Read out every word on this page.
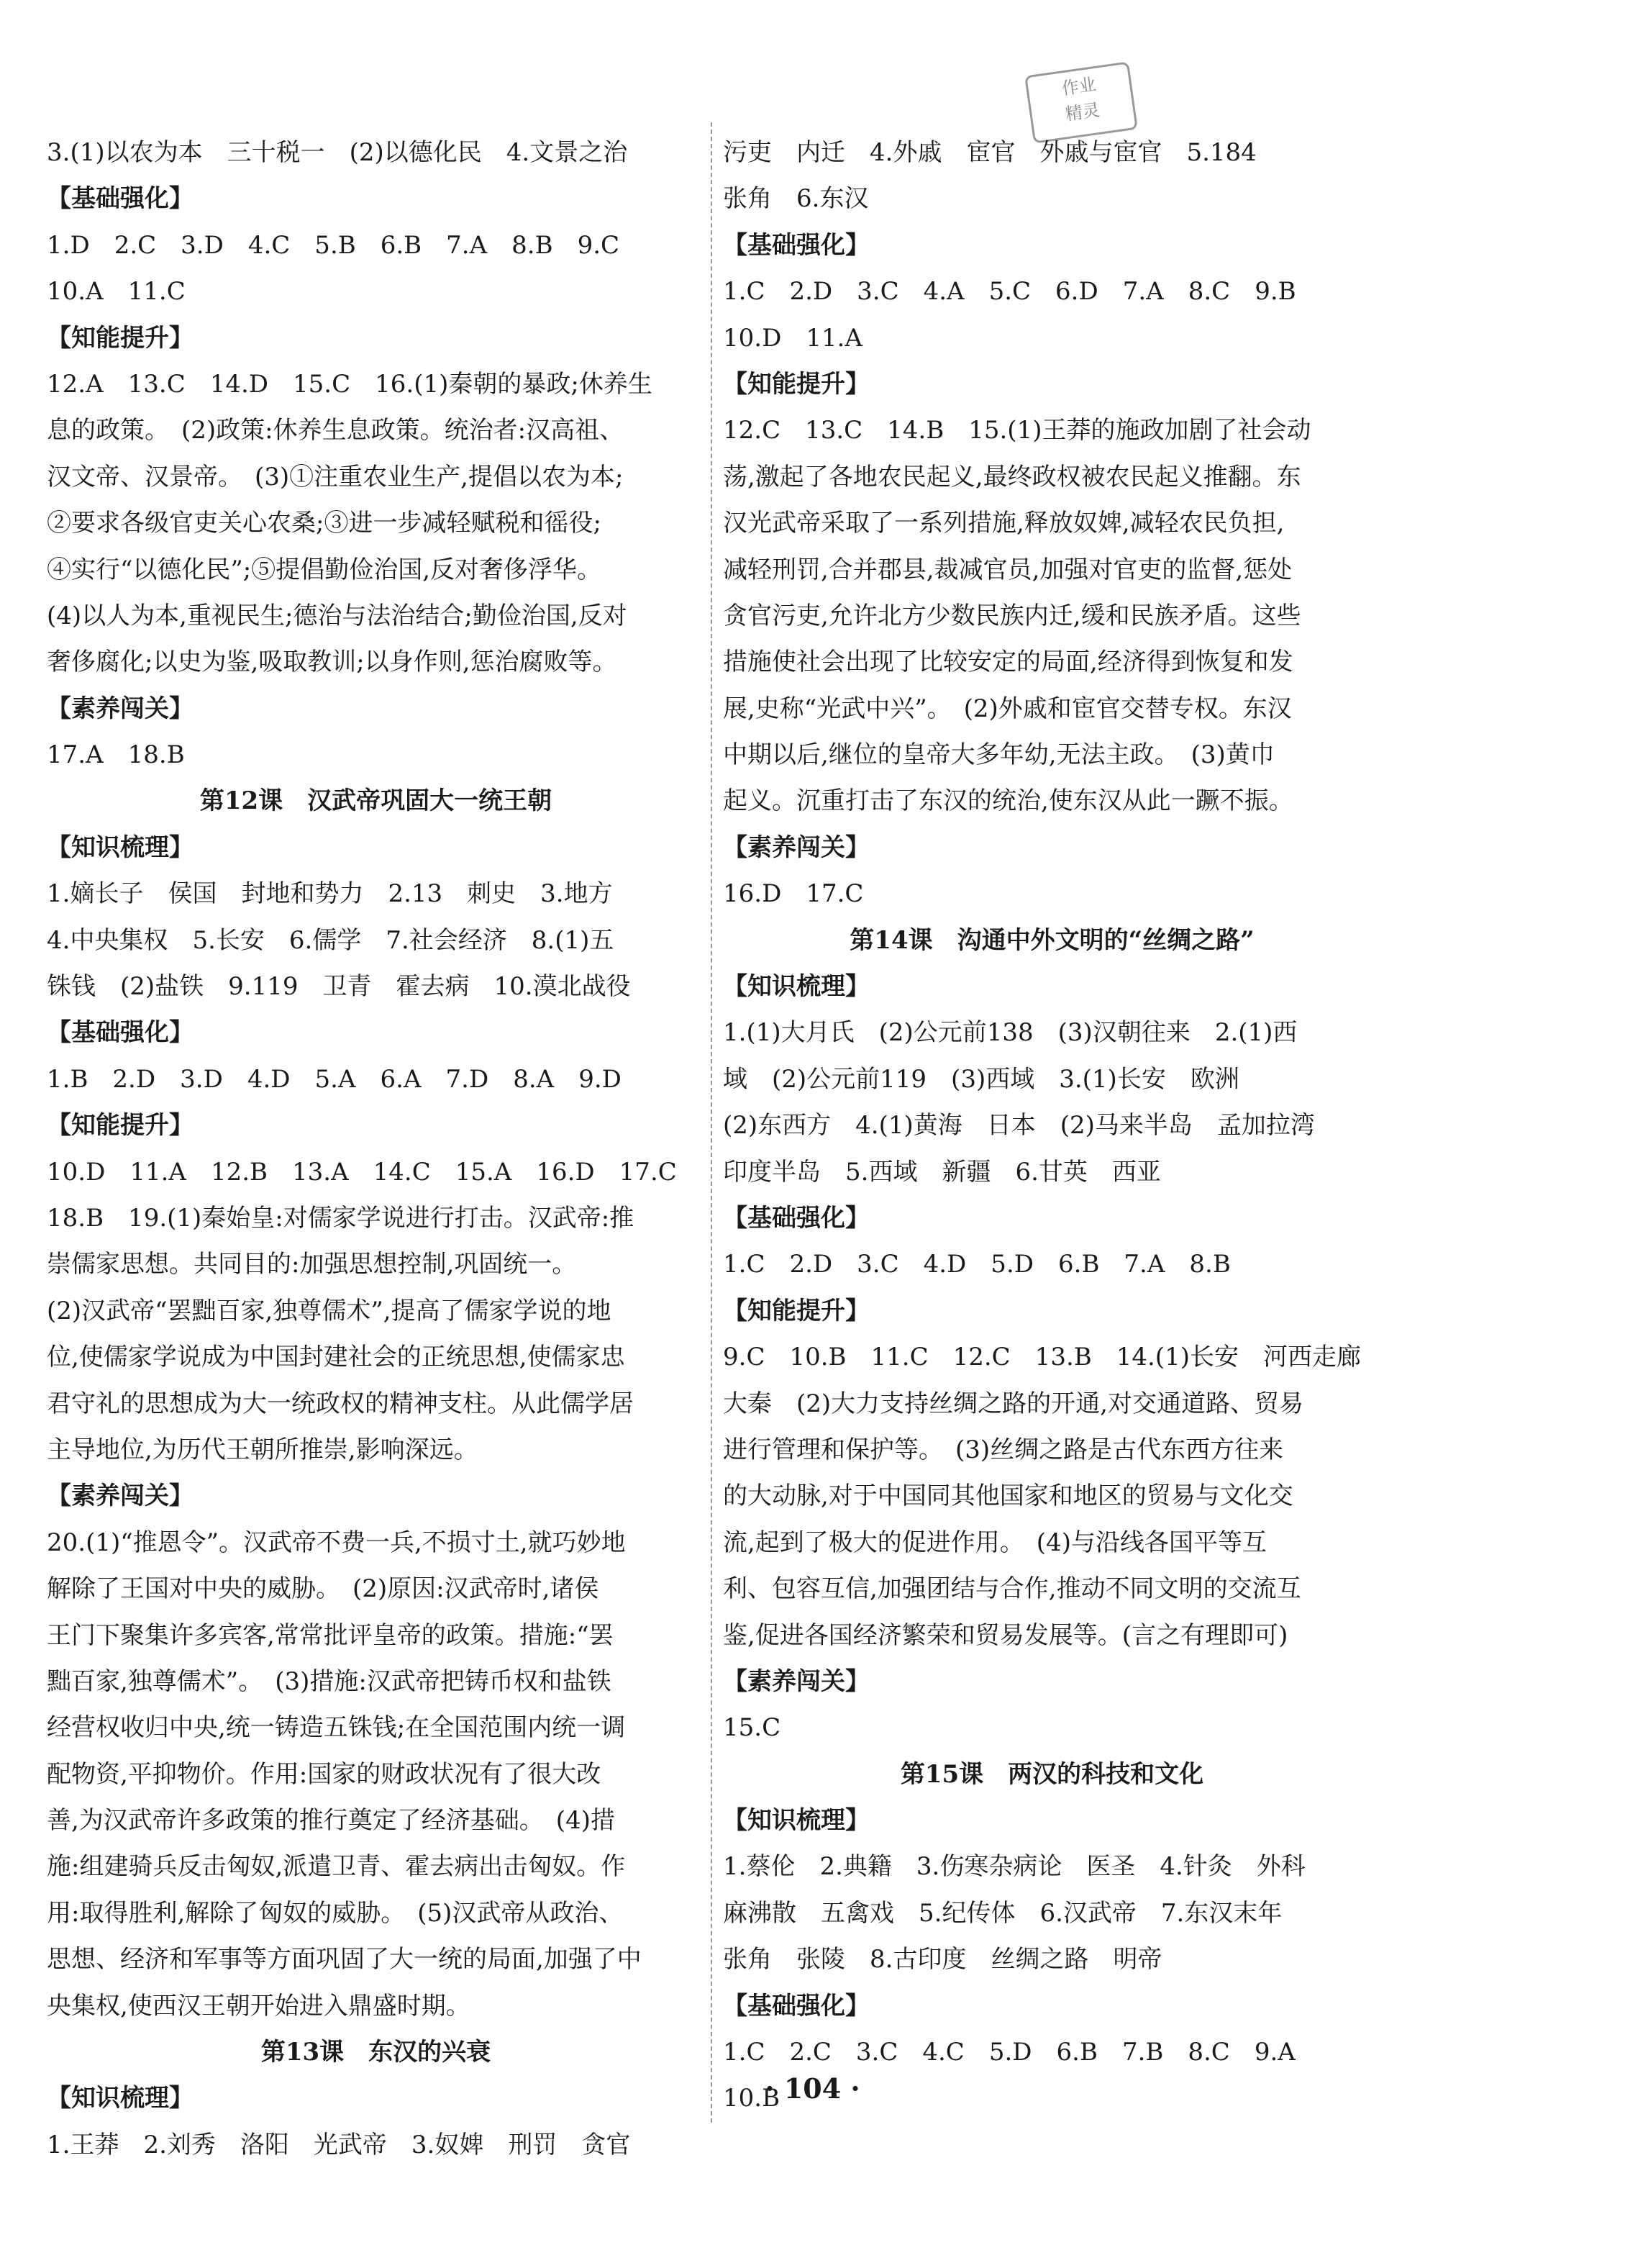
作业
精灵
3.(1)以农为本　三十税一　(2)以德化民　4.文景之治
【基础强化】
1.D　2.C　3.D　4.C　5.B　6.B　7.A　8.B　9.C
10.A　11.C
【知能提升】
12.A　13.C　14.D　15.C　16.(1)秦朝的暴政;休养生
息的政策。　(2)政策:休养生息政策。统治者:汉高祖、
汉文帝、汉景帝。　(3)①注重农业生产,提倡以农为本;
②要求各级官吏关心农桑;③进一步减轻赋税和徭役;
④实行“以德化民”;⑤提倡勤俭治国,反对奢侈浮华。
(4)以人为本,重视民生;德治与法治结合;勤俭治国,反对
奢侈腐化;以史为鉴,吸取教训;以身作则,惩治腐败等。
【素养闯关】
17.A　18.B
第12课　汉武帝巩固大一统王朝
【知识梳理】
1.嫡长子　侯国　封地和势力　2.13　刺史　3.地方
4.中央集权　5.长安　6.儒学　7.社会经济　8.(1)五
铢钱　(2)盐铁　9.119　卫青　霍去病　10.漠北战役
【基础强化】
1.B　2.D　3.D　4.D　5.A　6.A　7.D　8.A　9.D
【知能提升】
10.D　11.A　12.B　13.A　14.C　15.A　16.D　17.C
18.B　19.(1)秦始皇:对儒家学说进行打击。汉武帝:推
崇儒家思想。共同目的:加强思想控制,巩固统一。
(2)汉武帝“罢黜百家,独尊儒术”,提高了儒家学说的地
位,使儒家学说成为中国封建社会的正统思想,使儒家忠
君守礼的思想成为大一统政权的精神支柱。从此儒学居
主导地位,为历代王朝所推崇,影响深远。
【素养闯关】
20.(1)“推恩令”。汉武帝不费一兵,不损寸土,就巧妙地
解除了王国对中央的威胁。　(2)原因:汉武帝时,诸侯
王门下聚集许多宾客,常常批评皇帝的政策。措施:“罢
黜百家,独尊儒术”。　(3)措施:汉武帝把铸币权和盐铁
经营权收归中央,统一铸造五铢钱;在全国范围内统一调
配物资,平抑物价。作用:国家的财政状况有了很大改
善,为汉武帝许多政策的推行奠定了经济基础。　(4)措
施:组建骑兵反击匈奴,派遣卫青、霍去病出击匈奴。作
用:取得胜利,解除了匈奴的威胁。　(5)汉武帝从政治、
思想、经济和军事等方面巩固了大一统的局面,加强了中
央集权,使西汉王朝开始进入鼎盛时期。
第13课　东汉的兴衰
【知识梳理】
1.王莽　2.刘秀　洛阳　光武帝　3.奴婢　刑罚　贪官
污吏　内迁　4.外戚　宦官　外戚与宦官　5.184
张角　6.东汉
【基础强化】
1.C　2.D　3.C　4.A　5.C　6.D　7.A　8.C　9.B
10.D　11.A
【知能提升】
12.C　13.C　14.B　15.(1)王莽的施政加剧了社会动
荡,激起了各地农民起义,最终政权被农民起义推翻。东
汉光武帝采取了一系列措施,释放奴婢,减轻农民负担,
减轻刑罚,合并郡县,裁减官员,加强对官吏的监督,惩处
贪官污吏,允许北方少数民族内迁,缓和民族矛盾。这些
措施使社会出现了比较安定的局面,经济得到恢复和发
展,史称“光武中兴”。　(2)外戚和宦官交替专权。东汉
中期以后,继位的皇帝大多年幼,无法主政。　(3)黄巾
起义。沉重打击了东汉的统治,使东汉从此一蹶不振。
【素养闯关】
16.D　17.C
第14课　沟通中外文明的“丝绸之路”
【知识梳理】
1.(1)大月氏　(2)公元前138　(3)汉朝往来　2.(1)西
域　(2)公元前119　(3)西域　3.(1)长安　欧洲
(2)东西方　4.(1)黄海　日本　(2)马来半岛　孟加拉湾
印度半岛　5.西域　新疆　6.甘英　西亚
【基础强化】
1.C　2.D　3.C　4.D　5.D　6.B　7.A　8.B
【知能提升】
9.C　10.B　11.C　12.C　13.B　14.(1)长安　河西走廊
大秦　(2)大力支持丝绸之路的开通,对交通道路、贸易
进行管理和保护等。　(3)丝绸之路是古代东西方往来
的大动脉,对于中国同其他国家和地区的贸易与文化交
流,起到了极大的促进作用。　(4)与沿线各国平等互
利、包容互信,加强团结与合作,推动不同文明的交流互
鉴,促进各国经济繁荣和贸易发展等。(言之有理即可)
【素养闯关】
15.C
第15课　两汉的科技和文化
【知识梳理】
1.蔡伦　2.典籍　3.伤寒杂病论　医圣　4.针灸　外科
麻沸散　五禽戏　5.纪传体　6.汉武帝　7.东汉末年
张角　张陵　8.古印度　丝绸之路　明帝
【基础强化】
1.C　2.C　3.C　4.C　5.D　6.B　7.B　8.C　9.A
10.B
· 104 ·
